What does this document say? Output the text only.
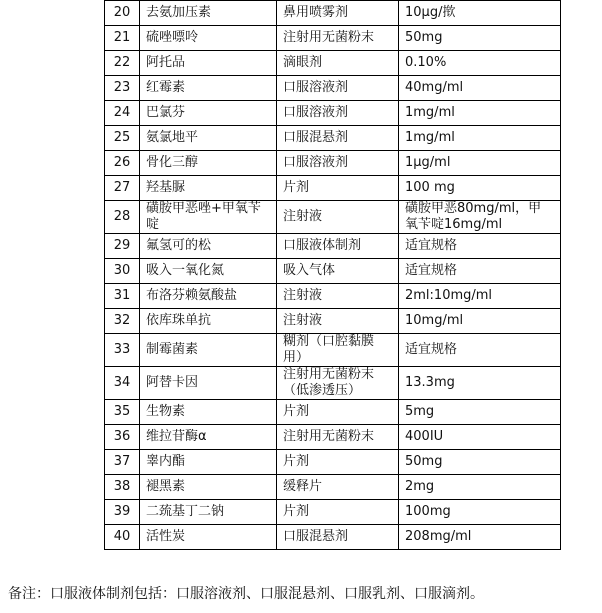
20	去氨加压素	鼻用喷雾剂	10μg/揿
21	硫唑嘌呤	注射用无菌粉末	50mg
22	阿托品	滴眼剂	0.10%
23	红霉素	口服溶液剂	40mg/ml
24	巴氯芬	口服溶液剂	1mg/ml
25	氨氯地平	口服混悬剂	1mg/ml
26	骨化三醇	口服溶液剂	1μg/ml
27	羟基脲	片剂	100 mg
28	磺胺甲恶唑+甲氧苄啶	注射液	磺胺甲恶80mg/ml，甲氧苄啶16mg/ml
29	氟氢可的松	口服液体制剂	适宜规格
30	吸入一氧化氮	吸入气体	适宜规格
31	布洛芬赖氨酸盐	注射液	2ml:10mg/ml
32	依库珠单抗	注射液	10mg/ml
33	制霉菌素	糊剂（口腔黏膜用）	适宜规格
34	阿替卡因	注射用无菌粉末（低渗透压）	13.3mg
35	生物素	片剂	5mg
36	维拉苷酶α	注射用无菌粉末	400IU
37	睾内酯	片剂	50mg
38	褪黑素	缓释片	2mg
39	二巯基丁二钠	片剂	100mg
40	活性炭	口服混悬剂	208mg/ml
备注：口服液体制剂包括：口服溶液剂、口服混悬剂、口服乳剂、口服滴剂。
